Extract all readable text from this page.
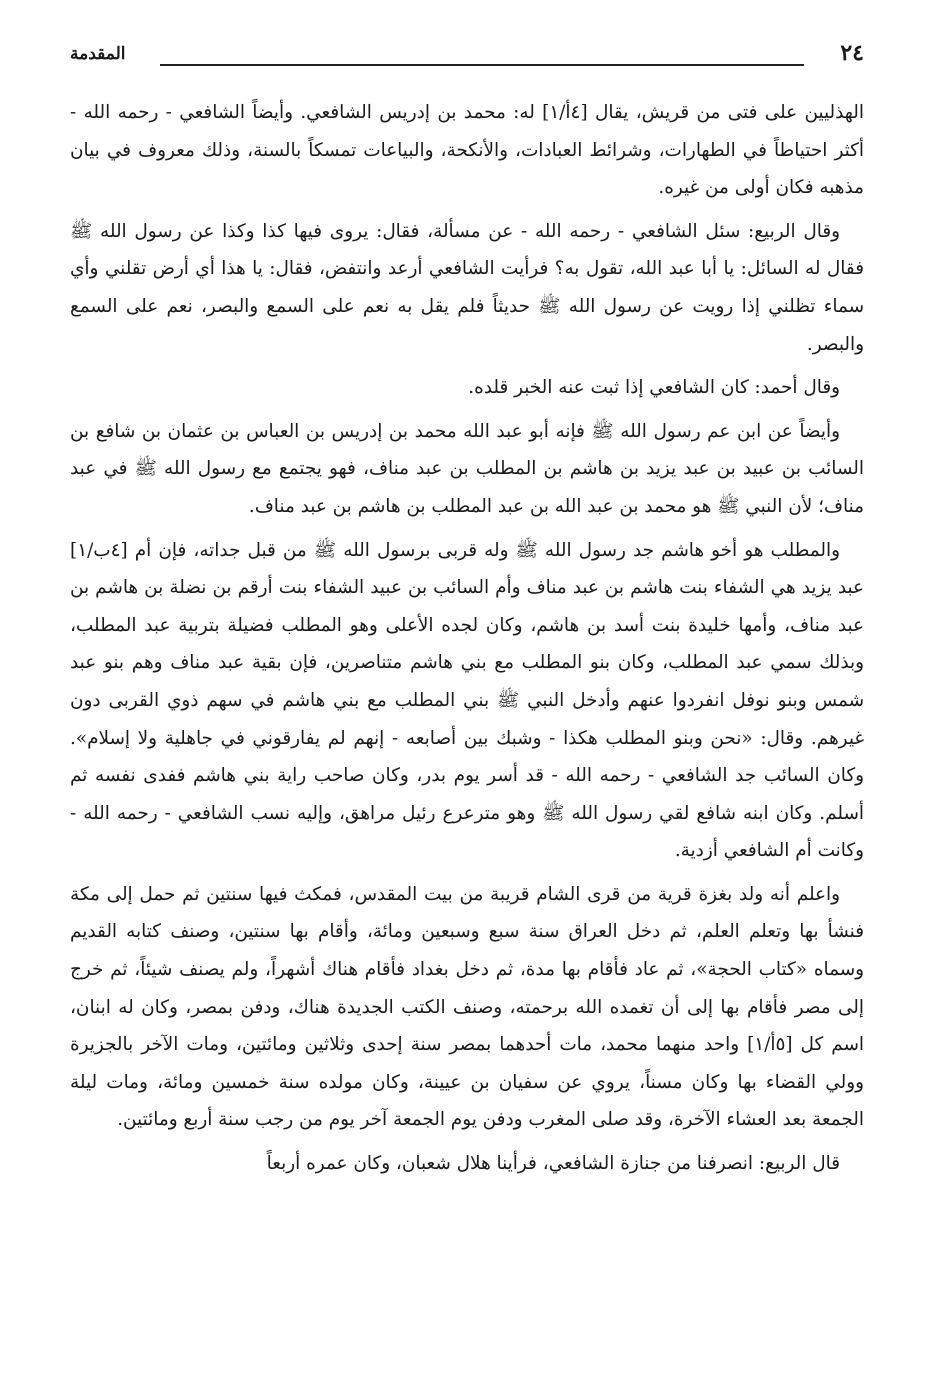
٢٤
المقدمة

الهذليين على فتى من قريش، يقال [٤أ/١] له: محمد بن إدريس الشافعي. وأيضاً الشافعي - رحمه الله - أكثر احتياطاً في الطهارات، وشرائط العبادات، والأنكحة، والبياعات تمسكاً بالسنة، وذلك معروف في بيان مذهبه فكان أولى من غيره.

وقال الربيع: سئل الشافعي - رحمه الله - عن مسألة، فقال: يروى فيها كذا وكذا عن رسول الله ﷺ فقال له السائل: يا أبا عبد الله، تقول به؟ فرأيت الشافعي أرعد وانتفض، فقال: يا هذا أي أرض تقلني وأي سماء تظلني إذا رويت عن رسول الله ﷺ حديثاً فلم يقل به نعم على السمع والبصر، نعم على السمع والبصر.

وقال أحمد: كان الشافعي إذا ثبت عنه الخبر قلده.

وأيضاً عن ابن عم رسول الله ﷺ فإنه أبو عبد الله محمد بن إدريس بن العباس بن عثمان بن شافع بن السائب بن عبيد بن عبد يزيد بن هاشم بن المطلب بن عبد مناف، فهو يجتمع مع رسول الله ﷺ في عبد مناف؛ لأن النبي ﷺ هو محمد بن عبد الله بن عبد المطلب بن هاشم بن عبد مناف.

والمطلب هو أخو هاشم جد رسول الله ﷺ وله قربى برسول الله ﷺ من قبل جداته، فإن أم [٤ب/١] عبد يزيد هي الشفاء بنت هاشم بن عبد مناف وأم السائب بن عبيد الشفاء بنت أرقم بن نضلة بن هاشم بن عبد مناف، وأمها خليدة بنت أسد بن هاشم، وكان لجده الأعلى وهو المطلب فضيلة بتربية عبد المطلب، وبذلك سمي عبد المطلب، وكان بنو المطلب مع بني هاشم متناصرين، فإن بقية عبد مناف وهم بنو عبد شمس وبنو نوفل انفردوا عنهم وأدخل النبي ﷺ بني المطلب مع بني هاشم في سهم ذوي القربى دون غيرهم. وقال: «نحن وبنو المطلب هكذا - وشبك بين أصابعه - إنهم لم يفارقوني في جاهلية ولا إسلام». وكان السائب جد الشافعي - رحمه الله - قد أسر يوم بدر، وكان صاحب راية بني هاشم ففدى نفسه ثم أسلم. وكان ابنه شافع لقي رسول الله ﷺ وهو مترعرع رئيل مراهق، وإليه نسب الشافعي - رحمه الله - وكانت أم الشافعي أزدية.

واعلم أنه ولد بغزة قرية من قرى الشام قريبة من بيت المقدس، فمكث فيها سنتين ثم حمل إلى مكة فنشأ بها وتعلم العلم، ثم دخل العراق سنة سبع وسبعين ومائة، وأقام بها سنتين، وصنف كتابه القديم وسماه «كتاب الحجة»، ثم عاد فأقام بها مدة، ثم دخل بغداد فأقام هناك أشهراً، ولم يصنف شيئاً، ثم خرج إلى مصر فأقام بها إلى أن تغمده الله برحمته، وصنف الكتب الجديدة هناك، ودفن بمصر، وكان له ابنان، اسم كل [٥أ/١] واحد منهما محمد، مات أحدهما بمصر سنة إحدى وثلاثين ومائتين، ومات الآخر بالجزيرة وولي القضاء بها وكان مسناً، يروي عن سفيان بن عيينة، وكان مولده سنة خمسين ومائة، ومات ليلة الجمعة بعد العشاء الآخرة، وقد صلى المغرب ودفن يوم الجمعة آخر يوم من رجب سنة أربع ومائتين.

قال الربيع: انصرفنا من جنازة الشافعي، فرأينا هلال شعبان، وكان عمره أربعاً
